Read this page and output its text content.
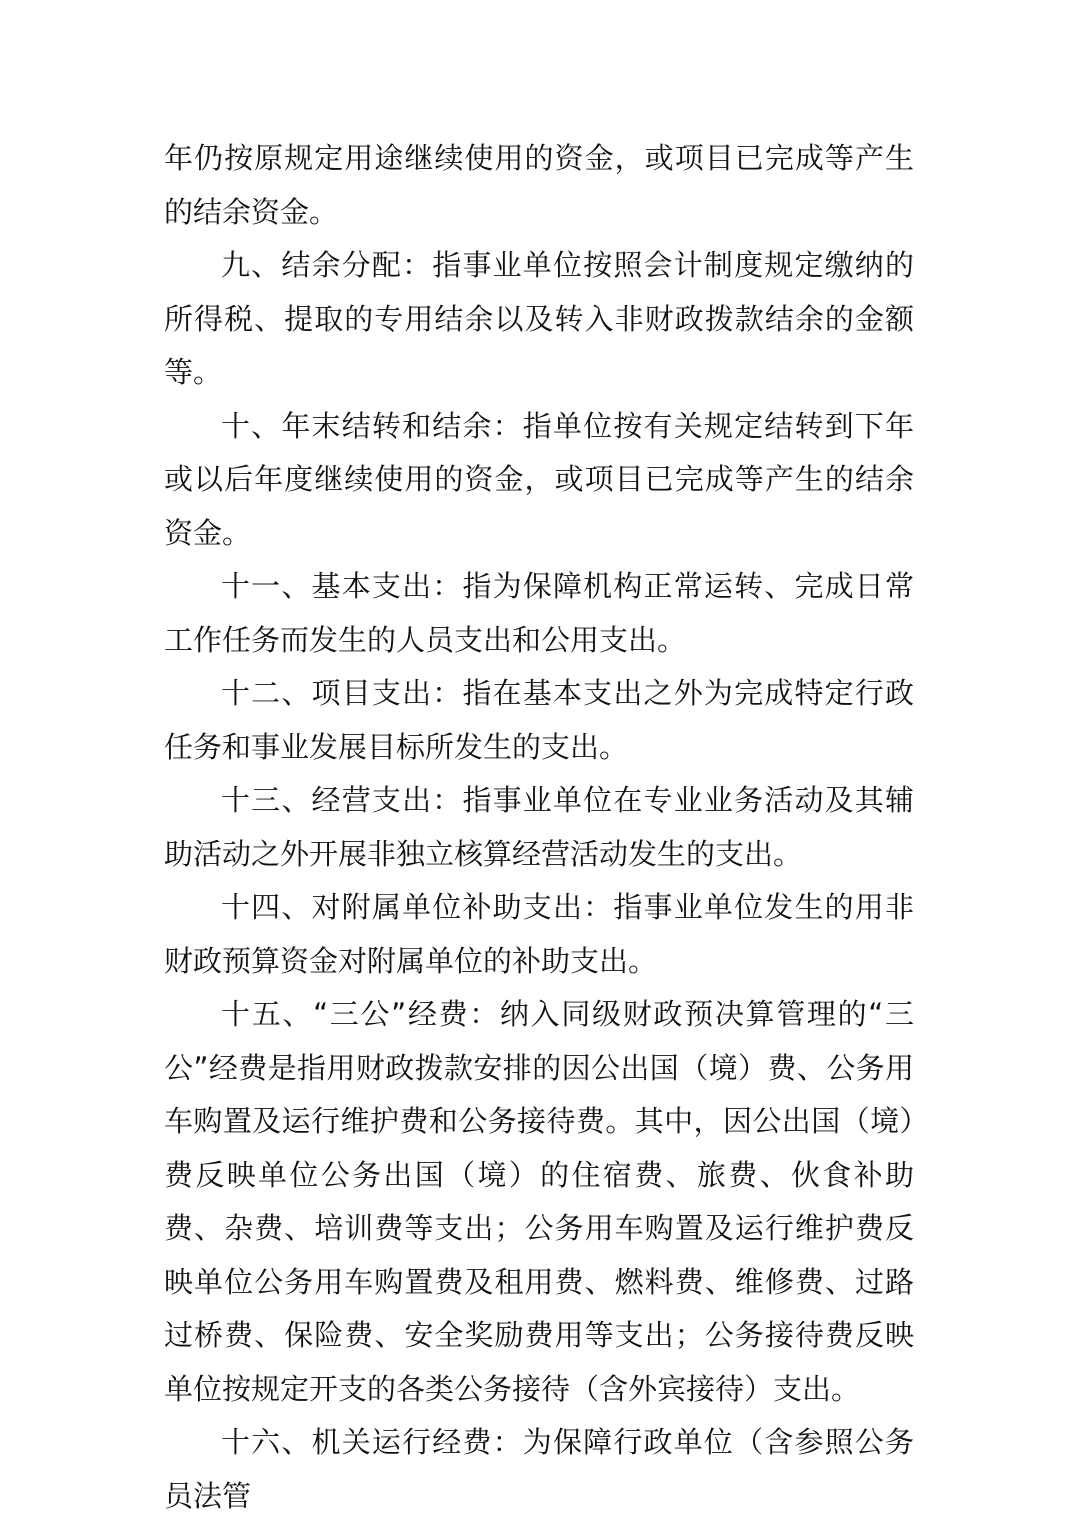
年仍按原规定用途继续使用的资金，或项目已完成等产生的结余资金。

九、结余分配：指事业单位按照会计制度规定缴纳的所得税、提取的专用结余以及转入非财政拨款结余的金额等。

十、年末结转和结余：指单位按有关规定结转到下年或以后年度继续使用的资金，或项目已完成等产生的结余资金。

十一、基本支出：指为保障机构正常运转、完成日常工作任务而发生的人员支出和公用支出。

十二、项目支出：指在基本支出之外为完成特定行政任务和事业发展目标所发生的支出。

十三、经营支出：指事业单位在专业业务活动及其辅助活动之外开展非独立核算经营活动发生的支出。

十四、对附属单位补助支出：指事业单位发生的用非财政预算资金对附属单位的补助支出。

十五、“三公”经费：纳入同级财政预决算管理的“三公”经费是指用财政拨款安排的因公出国（境）费、公务用车购置及运行维护费和公务接待费。其中，因公出国（境）费反映单位公务出国（境）的住宿费、旅费、伙食补助费、杂费、培训费等支出；公务用车购置及运行维护费反映单位公务用车购置费及租用费、燃料费、维修费、过路过桥费、保险费、安全奖励费用等支出；公务接待费反映单位按规定开支的各类公务接待（含外宾接待）支出。

十六、机关运行经费：为保障行政单位（含参照公务员法管
